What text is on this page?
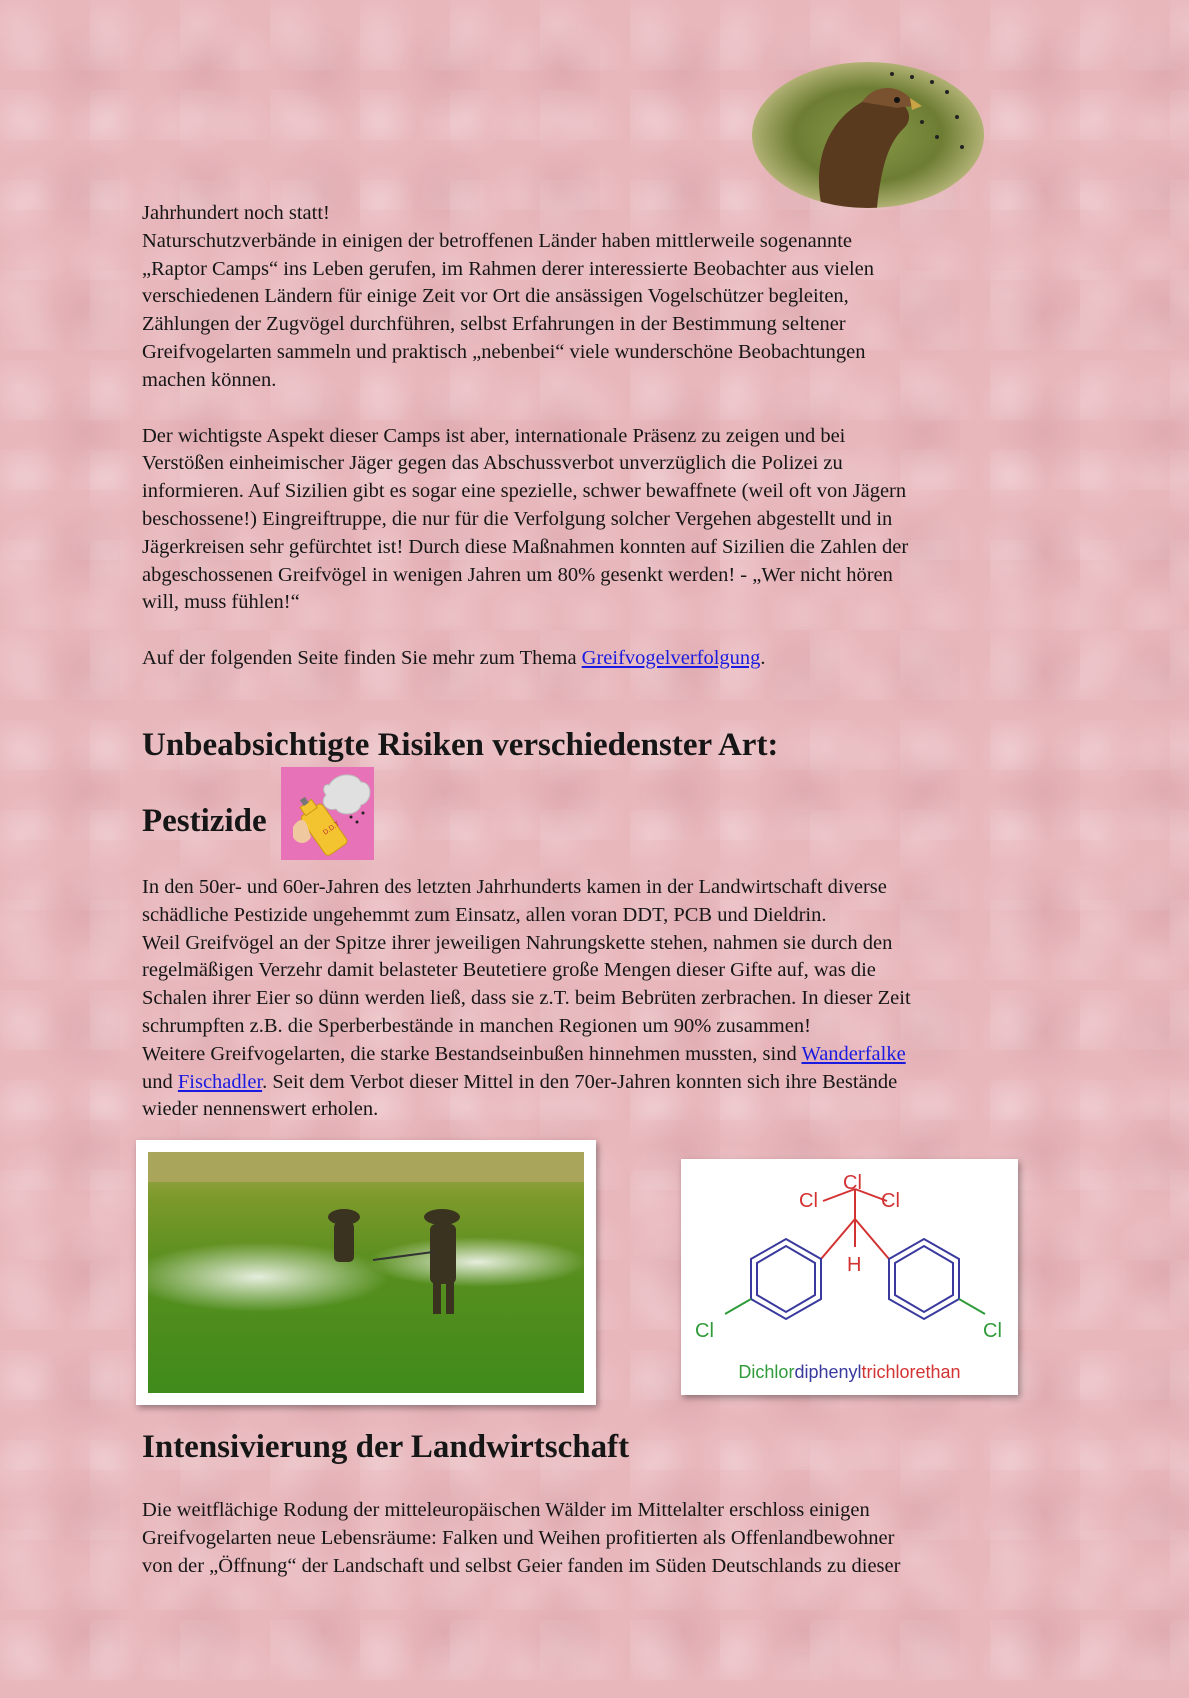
Jahrhundert noch statt!
Naturschutzverbände in einigen der betroffenen Länder haben mittlerweile sogenannte
„Raptor Camps“ ins Leben gerufen, im Rahmen derer interessierte Beobachter aus vielen
verschiedenen Ländern für einige Zeit vor Ort die ansässigen Vogelschützer begleiten,
Zählungen der Zugvögel durchführen, selbst Erfahrungen in der Bestimmung seltener
Greifvogelarten sammeln und praktisch „nebenbei“ viele wunderschöne Beobachtungen
machen können.

Der wichtigste Aspekt dieser Camps ist aber, internationale Präsenz zu zeigen und bei
Verstößen einheimischer Jäger gegen das Abschussverbot unverzüglich die Polizei zu
informieren. Auf Sizilien gibt es sogar eine spezielle, schwer bewaffnete (weil oft von Jägern
beschossene!) Eingreiftruppe, die nur für die Verfolgung solcher Vergehen abgestellt und in
Jägerkreisen sehr gefürchtet ist! Durch diese Maßnahmen konnten auf Sizilien die Zahlen der
abgeschossenen Greifvögel in wenigen Jahren um 80% gesenkt werden! - „Wer nicht hören
will, muss fühlen!“

Auf der folgenden Seite finden Sie mehr zum Thema Greifvogelverfolgung.

Unbeabsichtigte Risiken verschiedenster Art:
Pestizide	D.D.T

In den 50er- und 60er-Jahren des letzten Jahrhunderts kamen in der Landwirtschaft diverse
schädliche Pestizide ungehemmt zum Einsatz, allen voran DDT, PCB und Dieldrin.
Weil Greifvögel an der Spitze ihrer jeweiligen Nahrungskette stehen, nahmen sie durch den
regelmäßigen Verzehr damit belasteter Beutetiere große Mengen dieser Gifte auf, was die
Schalen ihrer Eier so dünn werden ließ, dass sie z.T. beim Bebrüten zerbrachen. In dieser Zeit
schrumpften z.B. die Sperberbestände in manchen Regionen um 90% zusammen!
Weitere Greifvogelarten, die starke Bestandseinbußen hinnehmen mussten, sind Wanderfalke
und Fischadler. Seit dem Verbot dieser Mittel in den 70er-Jahren konnten sich ihre Bestände
wieder nennenswert erholen.

Cl
Cl	Cl
H
Cl	Cl
Dichlordiphenyltrichlorethan
Intensivierung der Landwirtschaft

Die weitflächige Rodung der mitteleuropäischen Wälder im Mittelalter erschloss einigen
Greifvogelarten neue Lebensräume: Falken und Weihen profitierten als Offenlandbewohner
von der „Öffnung“ der Landschaft und selbst Geier fanden im Süden Deutschlands zu dieser
